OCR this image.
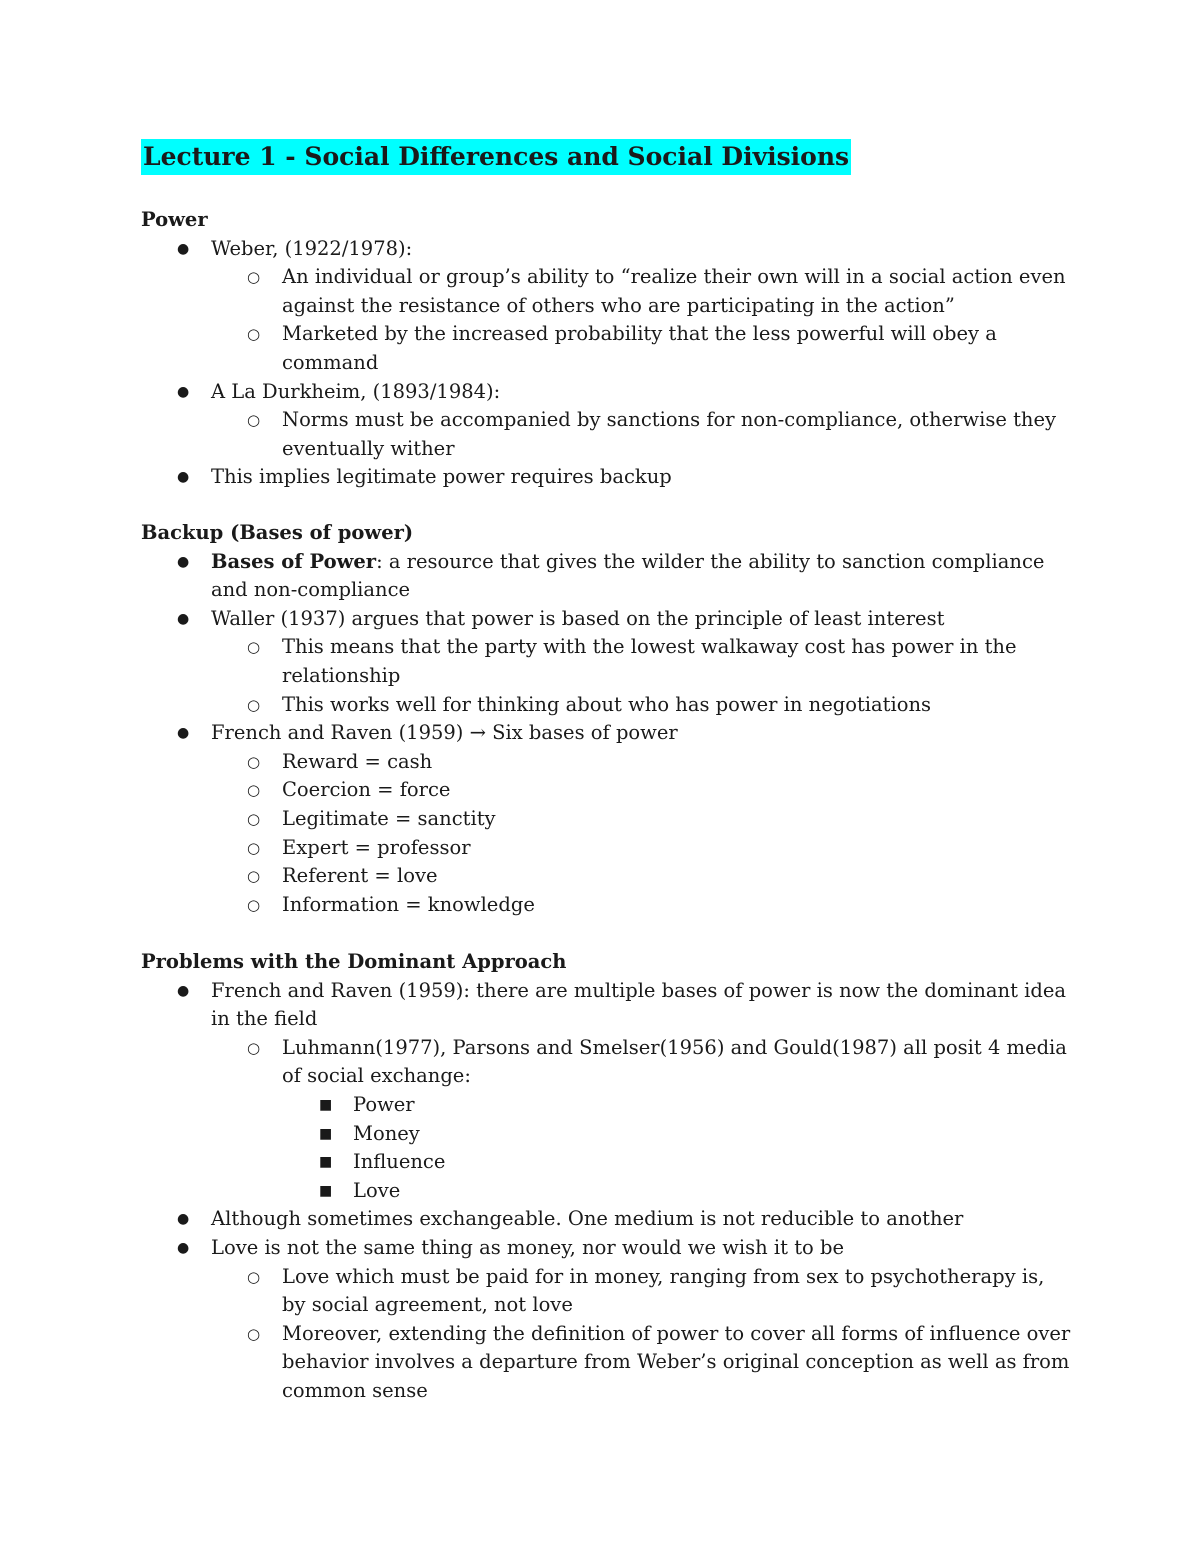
Lecture 1 - Social Differences and Social Divisions
Power
● Weber, (1922/1978):
○ An individual or group’s ability to “realize their own will in a social action even against the resistance of others who are participating in the action”
○ Marketed by the increased probability that the less powerful will obey a command
● A La Durkheim, (1893/1984):
○ Norms must be accompanied by sanctions for non-compliance, otherwise they eventually wither
● This implies legitimate power requires backup
Backup (Bases of power)
● Bases of Power: a resource that gives the wilder the ability to sanction compliance and non-compliance
● Waller (1937) argues that power is based on the principle of least interest
○ This means that the party with the lowest walkaway cost has power in the relationship
○ This works well for thinking about who has power in negotiations
● French and Raven (1959) → Six bases of power
○ Reward = cash
○ Coercion = force
○ Legitimate = sanctity
○ Expert = professor
○ Referent = love
○ Information = knowledge
Problems with the Dominant Approach
● French and Raven (1959): there are multiple bases of power is now the dominant idea in the field
○ Luhmann(1977), Parsons and Smelser(1956) and Gould(1987) all posit 4 media of social exchange:
■ Power
■ Money
■ Influence
■ Love
● Although sometimes exchangeable. One medium is not reducible to another
● Love is not the same thing as money, nor would we wish it to be
○ Love which must be paid for in money, ranging from sex to psychotherapy is, by social agreement, not love
○ Moreover, extending the definition of power to cover all forms of influence over behavior involves a departure from Weber’s original conception as well as from common sense
